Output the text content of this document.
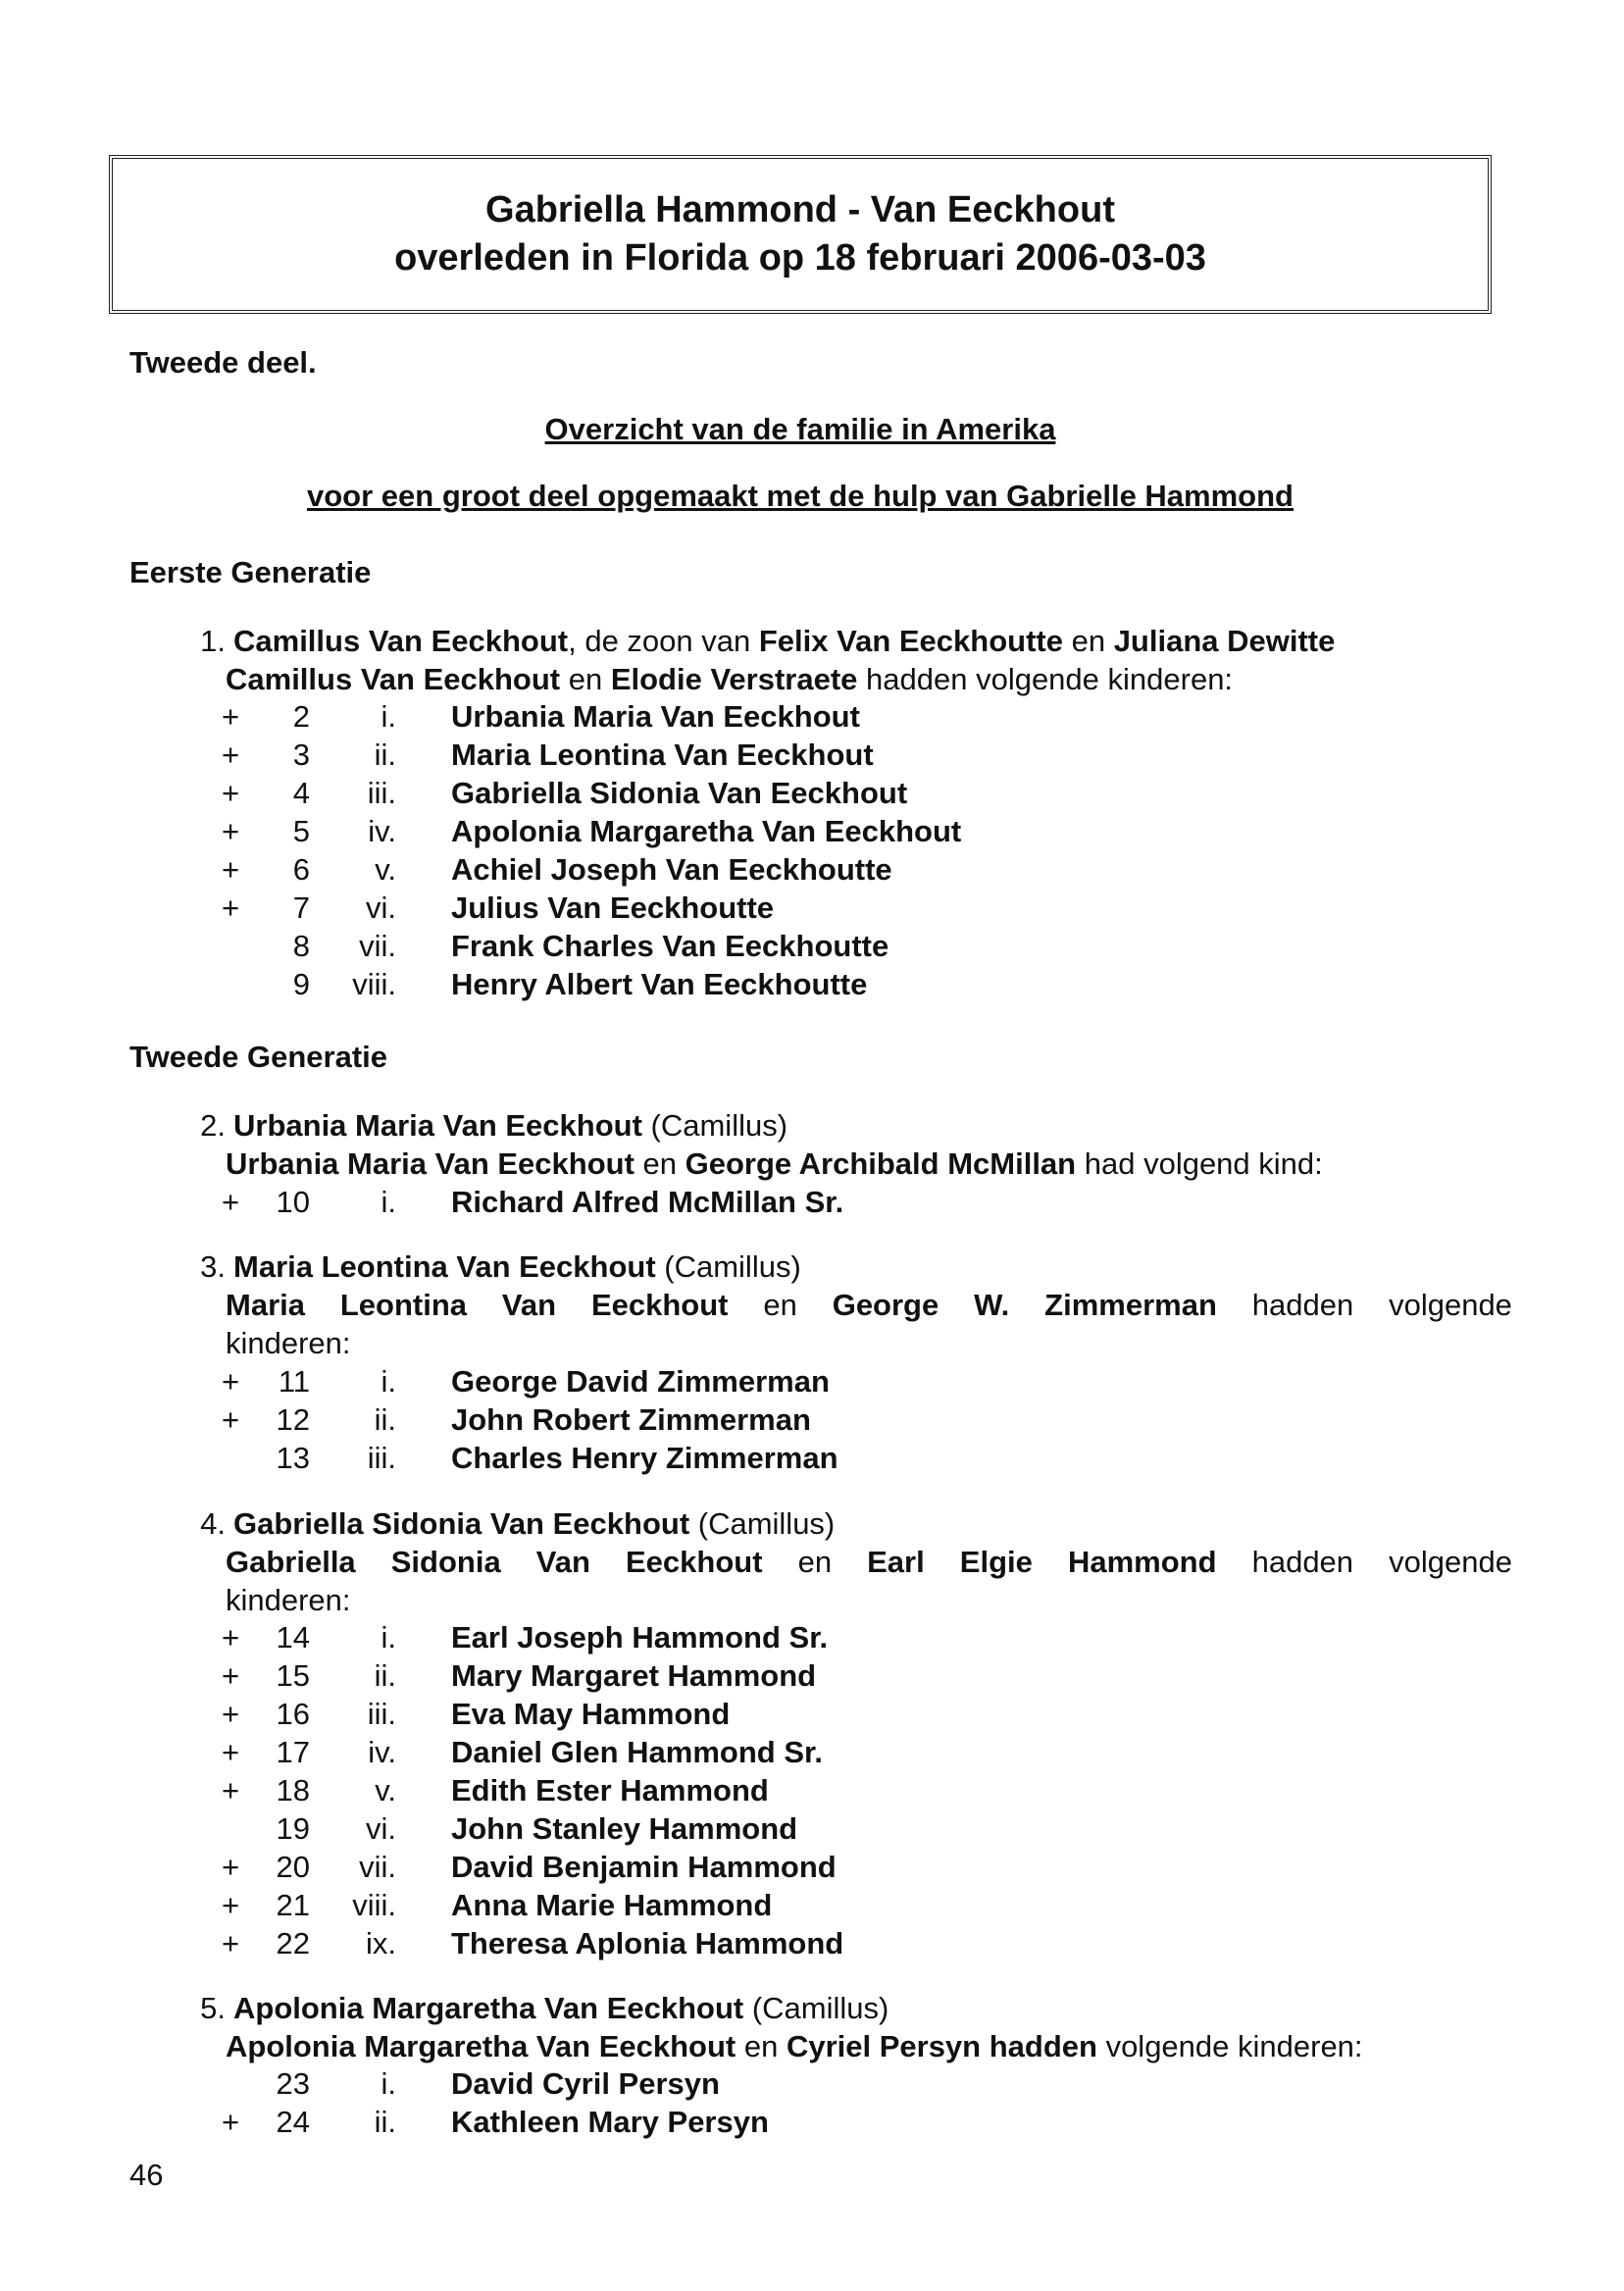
Gabriella Hammond - Van Eeckhout
overleden in Florida op 18 februari 2006-03-03
Tweede deel.
Overzicht van de familie in Amerika
voor een groot deel opgemaakt met de hulp van Gabrielle Hammond
Eerste Generatie
1. Camillus Van Eeckhout, de zoon van Felix Van Eeckhoutte en Juliana Dewitte
Camillus Van Eeckhout en Elodie Verstraete hadden volgende kinderen:
+	2	i. Urbania Maria Van Eeckhout
+	3	ii. Maria Leontina Van Eeckhout
+	4	iii. Gabriella Sidonia Van Eeckhout
+	5	iv. Apolonia Margaretha Van Eeckhout
+	6	v. Achiel Joseph Van Eeckhoutte
+	7	vi. Julius Van Eeckhoutte
8	vii. Frank Charles Van Eeckhoutte
9	viii. Henry Albert Van Eeckhoutte
Tweede Generatie
2. Urbania Maria Van Eeckhout (Camillus)
Urbania Maria Van Eeckhout en George Archibald McMillan had volgend kind:
+	10	i. Richard Alfred McMillan Sr.
3. Maria Leontina Van Eeckhout (Camillus)
Maria Leontina Van Eeckhout en George W. Zimmerman hadden volgende
kinderen:
+	11	i. George David Zimmerman
+	12	ii. John Robert Zimmerman
13	iii. Charles Henry Zimmerman
4. Gabriella Sidonia Van Eeckhout (Camillus)
Gabriella Sidonia Van Eeckhout en Earl Elgie Hammond hadden volgende
kinderen:
+	14	i. Earl Joseph Hammond Sr.
+	15	ii. Mary Margaret Hammond
+	16	iii. Eva May Hammond
+	17	iv. Daniel Glen Hammond Sr.
+	18	v. Edith Ester Hammond
19	vi. John Stanley Hammond
+	20	vii. David Benjamin Hammond
+	21	viii. Anna Marie Hammond
+	22	ix. Theresa Aplonia Hammond
5. Apolonia Margaretha Van Eeckhout (Camillus)
Apolonia Margaretha Van Eeckhout en Cyriel Persyn hadden volgende kinderen:
23	i. David Cyril Persyn
+	24	ii. Kathleen Mary Persyn
46
